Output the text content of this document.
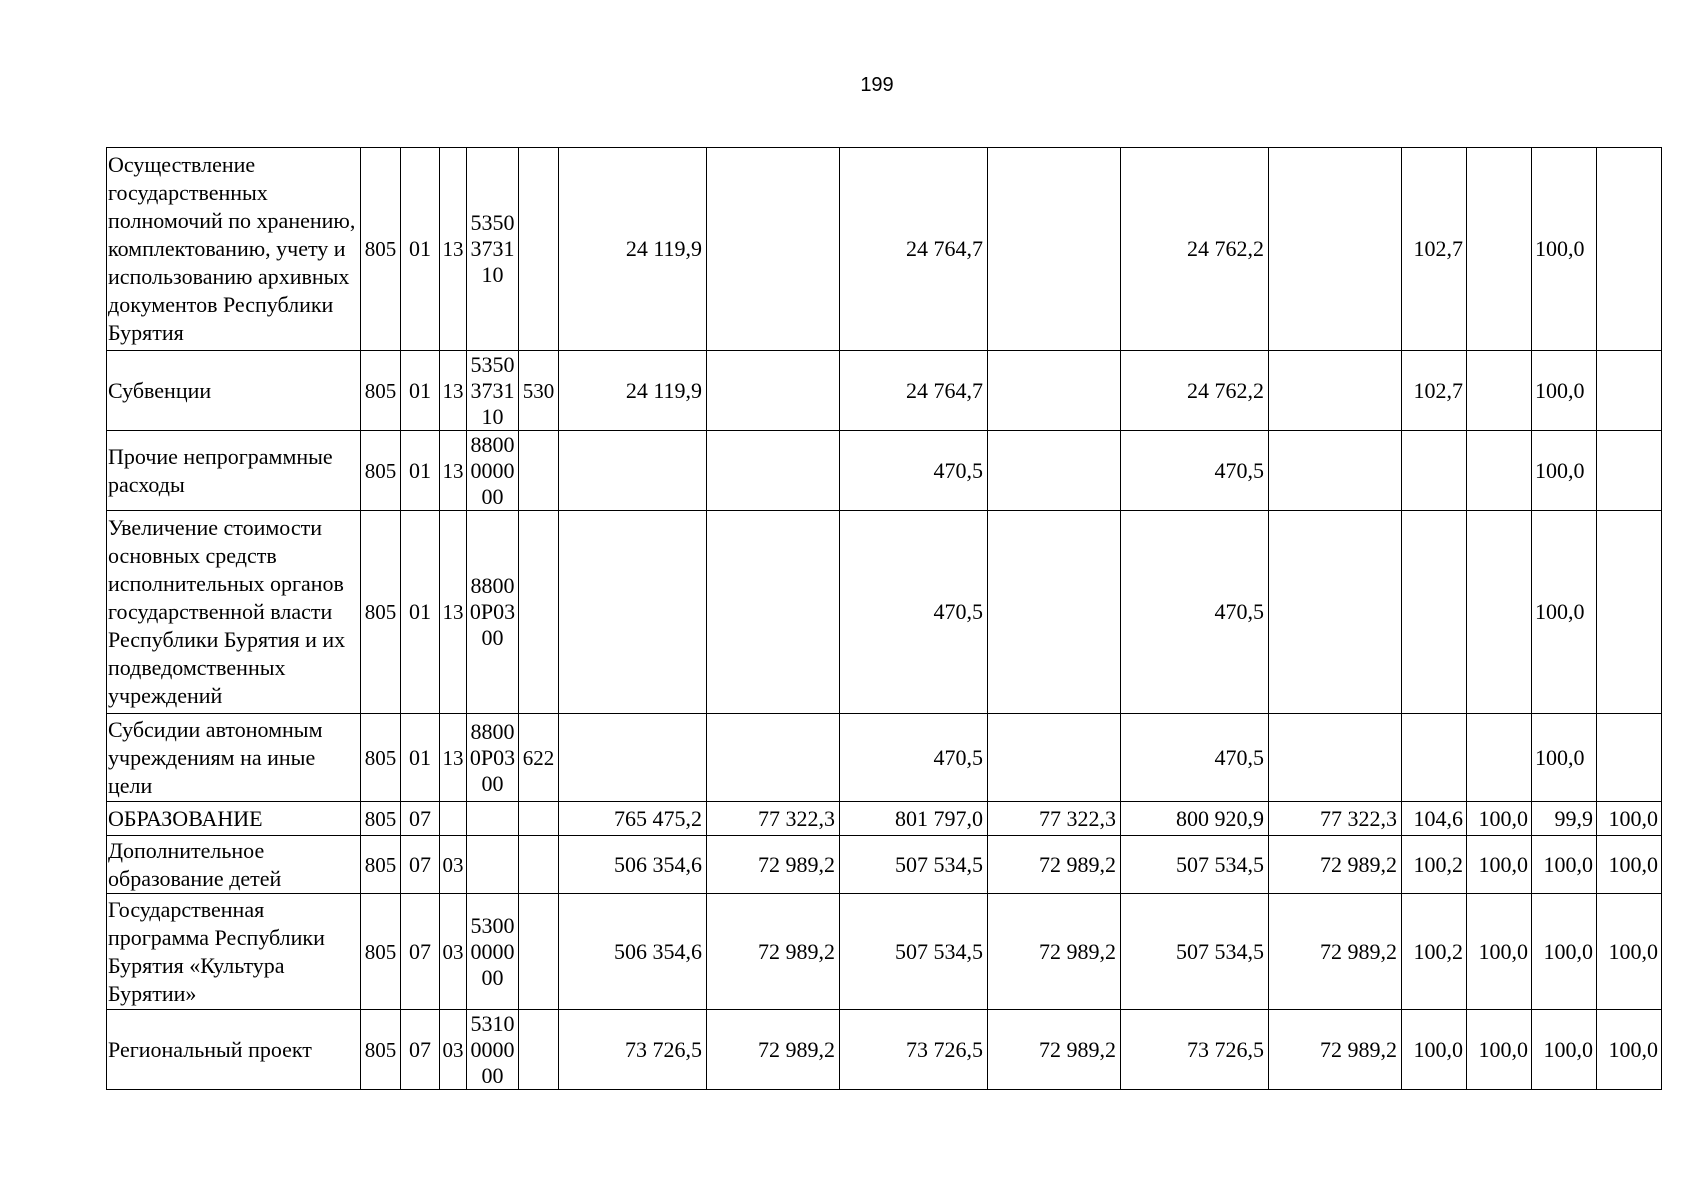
199
Осуществление государственных полномочий по хранению, комплектованию, учету и использованию архивных документов Республики Бурятия	805	01	13	5350373110		24 119,9		24 764,7		24 762,2		102,7		100,0	
Субвенции	805	01	13	5350373110	530	24 119,9		24 764,7		24 762,2		102,7		100,0	
Прочие непрограммные расходы	805	01	13	8800000000				470,5		470,5				100,0	
Увеличение стоимости основных средств исполнительных органов государственной власти Республики Бурятия и их подведомственных учреждений	805	01	13	88000P0300				470,5		470,5				100,0	
Субсидии автономным учреждениям на иные цели	805	01	13	88000P0300	622			470,5		470,5				100,0	
ОБРАЗОВАНИЕ	805	07				765 475,2	77 322,3	801 797,0	77 322,3	800 920,9	77 322,3	104,6	100,0	99,9	100,0
Дополнительное образование детей	805	07	03			506 354,6	72 989,2	507 534,5	72 989,2	507 534,5	72 989,2	100,2	100,0	100,0	100,0
Государственная программа Республики Бурятия «Культура Бурятии»	805	07	03	5300000000		506 354,6	72 989,2	507 534,5	72 989,2	507 534,5	72 989,2	100,2	100,0	100,0	100,0
Региональный проект	805	07	03	5310000000		73 726,5	72 989,2	73 726,5	72 989,2	73 726,5	72 989,2	100,0	100,0	100,0	100,0
